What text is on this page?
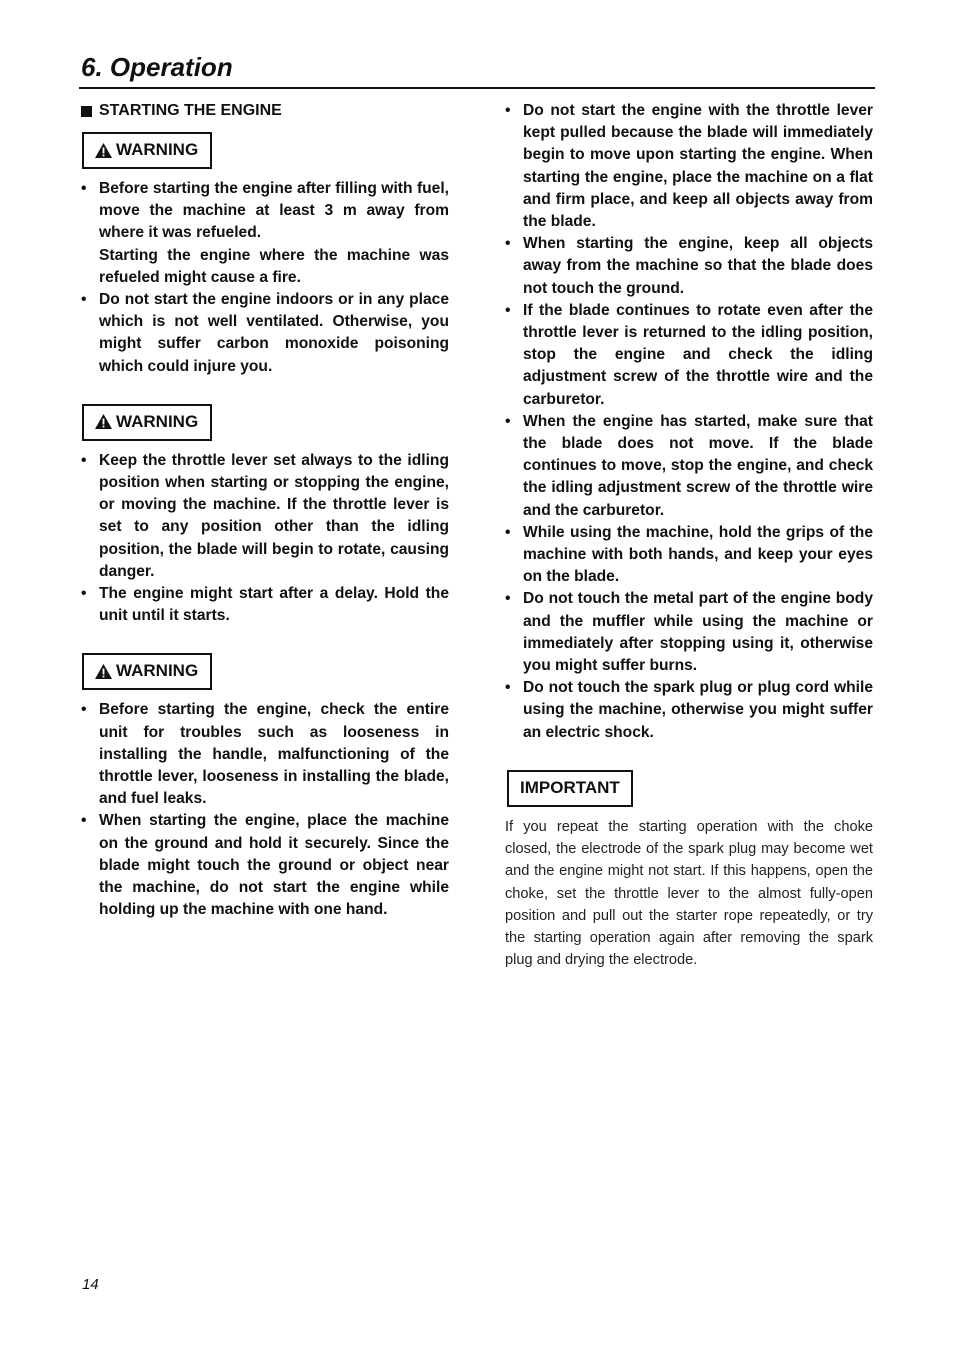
6. Operation
STARTING THE ENGINE
WARNING
• Before starting the engine after filling with fuel, move the machine at least 3 m away from where it was refueled.
Starting the engine where the machine was refueled might cause a fire.
• Do not start the engine indoors or in any place which is not well ventilated. Otherwise, you might suffer carbon monoxide poisoning which could injure you.
WARNING
• Keep the throttle lever set always to the idling position when starting or stopping the engine, or moving the machine. If the throttle lever is set to any position other than the idling position, the blade will begin to rotate, causing danger.
• The engine might start after a delay. Hold the unit until it starts.
WARNING
• Before starting the engine, check the entire unit for troubles such as looseness in installing the handle, malfunctioning of the throttle lever, looseness in installing the blade, and fuel leaks.
• When starting the engine, place the machine on the ground and hold it securely. Since the blade might touch the ground or object near the machine, do not start the engine while holding up the machine with one hand.
• Do not start the engine with the throttle lever kept pulled because the blade will immediately begin to move upon starting the engine. When starting the engine, place the machine on a flat and firm place, and keep all objects away from the blade.
• When starting the engine, keep all objects away from the machine so that the blade does not touch the ground.
• If the blade continues to rotate even after the throttle lever is returned to the idling position, stop the engine and check the idling adjustment screw of the throttle wire and the carburetor.
• When the engine has started, make sure that the blade does not move. If the blade continues to move, stop the engine, and check the idling adjustment screw of the throttle wire and the carburetor.
• While using the machine, hold the grips of the machine with both hands, and keep your eyes on the blade.
• Do not touch the metal part of the engine body and the muffler while using the machine or immediately after stopping using it, otherwise you might suffer burns.
• Do not touch the spark plug or plug cord while using the machine, otherwise you might suffer an electric shock.
IMPORTANT

If you repeat the starting operation with the choke closed, the electrode of the spark plug may become wet and the engine might not start. If this happens, open the choke, set the throttle lever to the almost fully-open position and pull out the starter rope repeatedly, or try the starting operation again after removing the spark plug and drying the electrode.

14
